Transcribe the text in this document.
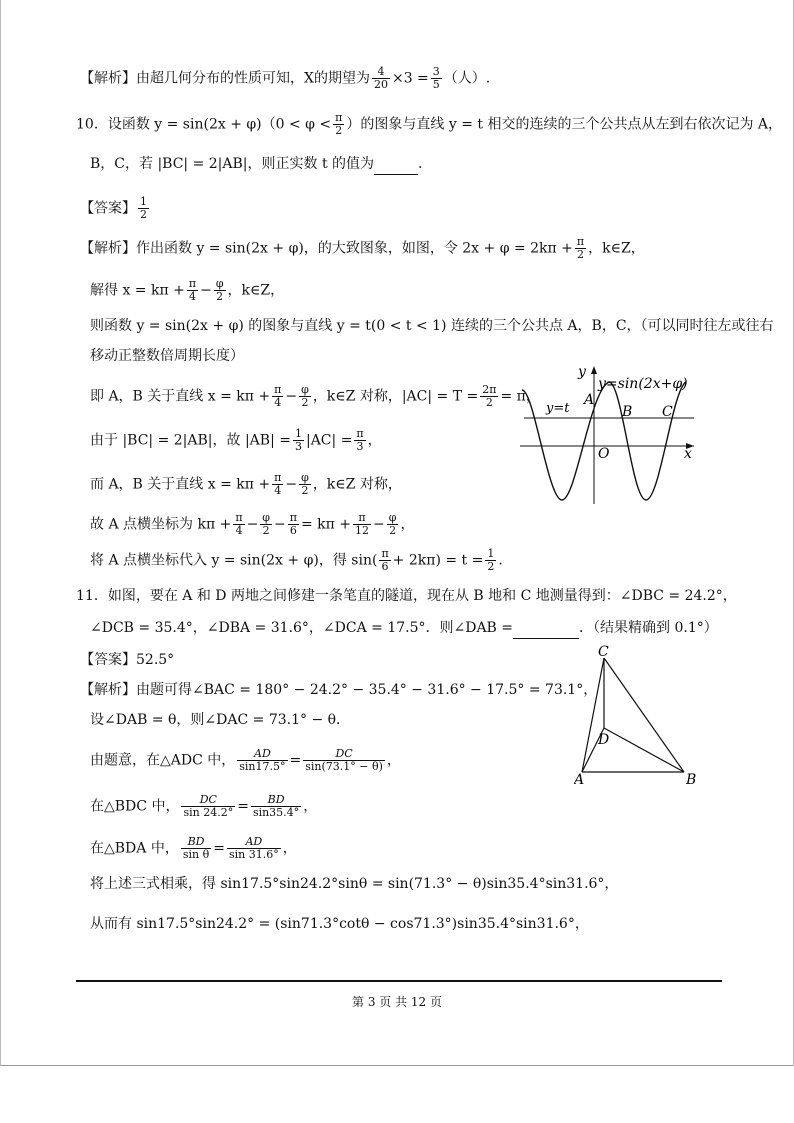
【解析】由超几何分布的性质可知，X的期望为 $\frac{4}{20} \times 3 = \frac{3}{5}$ （人）.
10．设函数 $y = \sin(2x + \varphi)(0 < \varphi < \frac{\pi}{2}$ ）的图象与直线 y = t 相交的连续的三个公共点从左到右依次记为 A，
B，C，若 |BC| = 2|AB|，则正实数 t 的值为	.
【答案】 $\frac{1}{2}$
【解析】作出函数 y = sin(2x + φ)，的大致图象，如图，令 $2x + \varphi = 2k\pi + \frac{\pi}{2}$ ，k∈Z，
解得 $x = k\pi + \frac{\pi}{4} - \frac{\varphi}{2}$ ，k∈Z，
则函数 y = sin(2x + φ) 的图象与直线 y = t(0 < t < 1) 连续的三个公共点 A，B，C，（可以同时往左或往右
移动正整数倍周期长度）
即 A，B 关于直线 $x = k\pi + \frac{\pi}{4} - \frac{\varphi}{2}$ ，k∈Z 对称，$|AC| = T = \frac{2\pi}{2} = \pi$，
由于 |BC| = 2|AB|，故 $|AB| = \frac{1}{3} |AC| = \frac{\pi}{3}$ ，
而 A，B 关于直线 $x = k\pi + \frac{\pi}{4} - \frac{\varphi}{2}$ ，k∈Z 对称，
故 A 点横坐标为 $k\pi + \frac{\pi}{4} - \frac{\varphi}{2} - \frac{\pi}{6} = k\pi + \frac{\pi}{12} - \frac{\varphi}{2}$ ，
将 A 点横坐标代入 y = sin(2x + φ)，得 $\sin( \frac{\pi}{6} + 2k\pi) = t = \frac{1}{2}$ .
y
y=sin(2x+φ)
y=t
A
B C
O	x
11．如图，要在 A 和 D 两地之间修建一条笔直的隧道，现在从 B 地和 C 地测量得到：∠DBC = 24.2°，
∠DCB = 35.4°，∠DBA = 31.6°，∠DCA = 17.5°．则∠DAB =	．（结果精确到 0.1°）
【答案】52.5°
【解析】由题可得∠BAC = 180° − 24.2° − 35.4° − 31.6° − 17.5° = 73.1°，
设∠DAB = θ，则∠DAC = 73.1° − θ．
由题意，在△ADC 中， $\frac{AD}{\sin 17.5^\circ} = \frac{DC}{\sin(73.1^\circ - \theta)}$ ，
在△BDC 中， $\frac{DC}{\sin 24.2^\circ} = \frac{BD}{\sin 35.4^\circ}$ ，
在△BDA 中， $\frac{BD}{\text{sin θ}} = \frac{AD}{\sin 31.6^\circ}$ ，
将上述三式相乘，得 sin17.5°sin24.2°sinθ = sin(71.3° − θ)sin35.4°sin31.6°，
从而有 sin17.5°sin24.2° = (sin71.3°cotθ − cos71.3°)sin35.4°sin31.6°，
C
D
A	B
第 3 页 共 12 页
